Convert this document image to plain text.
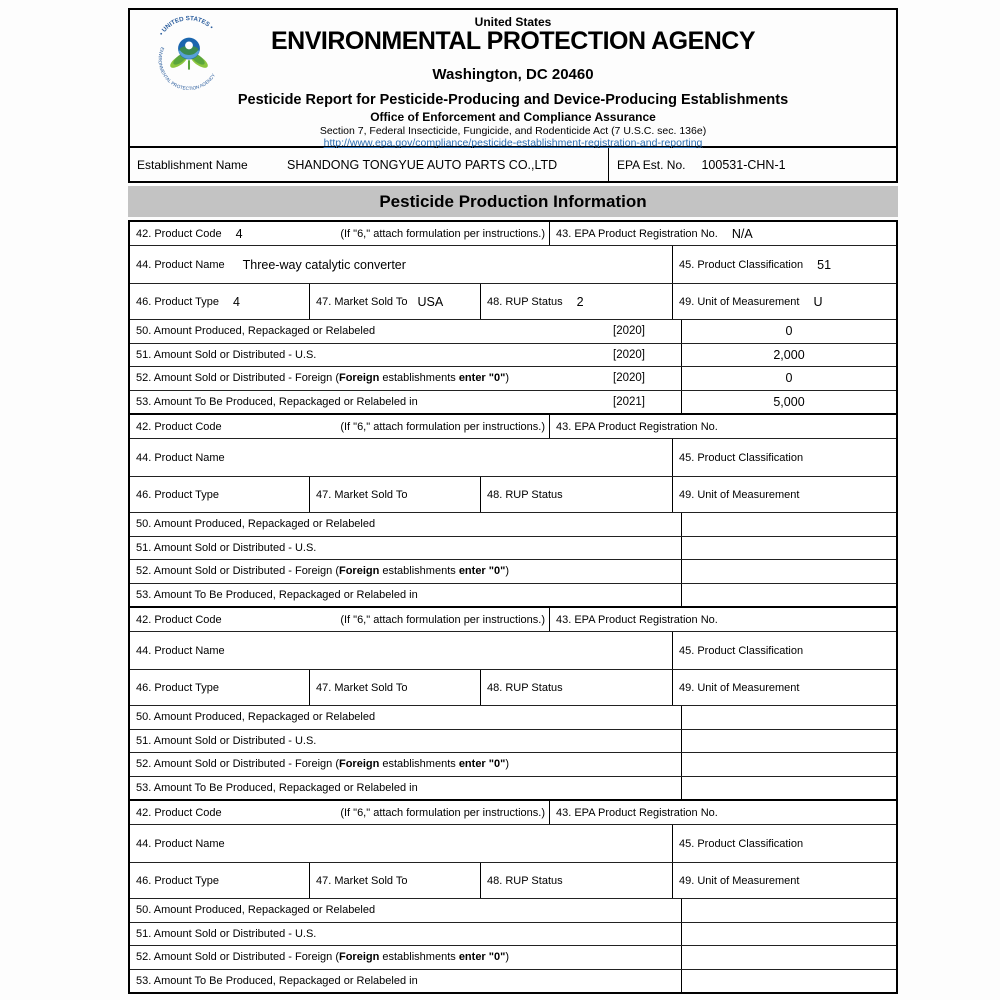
• UNITED STATES •
ENVIRONMENTAL PROTECTION AGENCY
United States
ENVIRONMENTAL PROTECTION AGENCY
Washington, DC 20460
Pesticide Report for Pesticide-Producing and Device-Producing Establishments
Office of Enforcement and Compliance Assurance
Section 7, Federal Insecticide, Fungicide, and Rodenticide Act (7 U.S.C. sec. 136e)
http://www.epa.gov/compliance/pesticide-establishment-registration-and-reporting
Establishment Name	SHANDONG TONGYUE AUTO PARTS CO.,LTD	EPA Est. No. 100531-CHN-1
Pesticide Production Information
42. Product Code 4	(If "6," attach formulation per instructions.) 43. EPA Product Registration No. N/A
44. Product Name Three-way catalytic converter	45. Product Classification 51
46. Product Type 4	47. Market Sold To USA	48. RUP Status 2	49. Unit of Measurement U
50. Amount Produced, Repackaged or Relabeled	[2020]	0
51. Amount Sold or Distributed - U.S.	[2020]	2,000
52. Amount Sold or Distributed - Foreign (Foreign establishments enter "0")	[2020]	0
53. Amount To Be Produced, Repackaged or Relabeled in	[2021]	5,000
42. Product Code	(If "6," attach formulation per instructions.) 43. EPA Product Registration No.
44. Product Name	45. Product Classification
46. Product Type	47. Market Sold To	48. RUP Status	49. Unit of Measurement
50. Amount Produced, Repackaged or Relabeled
51. Amount Sold or Distributed - U.S.
52. Amount Sold or Distributed - Foreign (Foreign establishments enter "0")
53. Amount To Be Produced, Repackaged or Relabeled in
42. Product Code	(If "6," attach formulation per instructions.) 43. EPA Product Registration No.
44. Product Name	45. Product Classification
46. Product Type	47. Market Sold To	48. RUP Status	49. Unit of Measurement
50. Amount Produced, Repackaged or Relabeled
51. Amount Sold or Distributed - U.S.
52. Amount Sold or Distributed - Foreign (Foreign establishments enter "0")
53. Amount To Be Produced, Repackaged or Relabeled in
42. Product Code	(If "6," attach formulation per instructions.) 43. EPA Product Registration No.
44. Product Name	45. Product Classification
46. Product Type	47. Market Sold To	48. RUP Status	49. Unit of Measurement
50. Amount Produced, Repackaged or Relabeled
51. Amount Sold or Distributed - U.S.
52. Amount Sold or Distributed - Foreign (Foreign establishments enter "0")
53. Amount To Be Produced, Repackaged or Relabeled in
